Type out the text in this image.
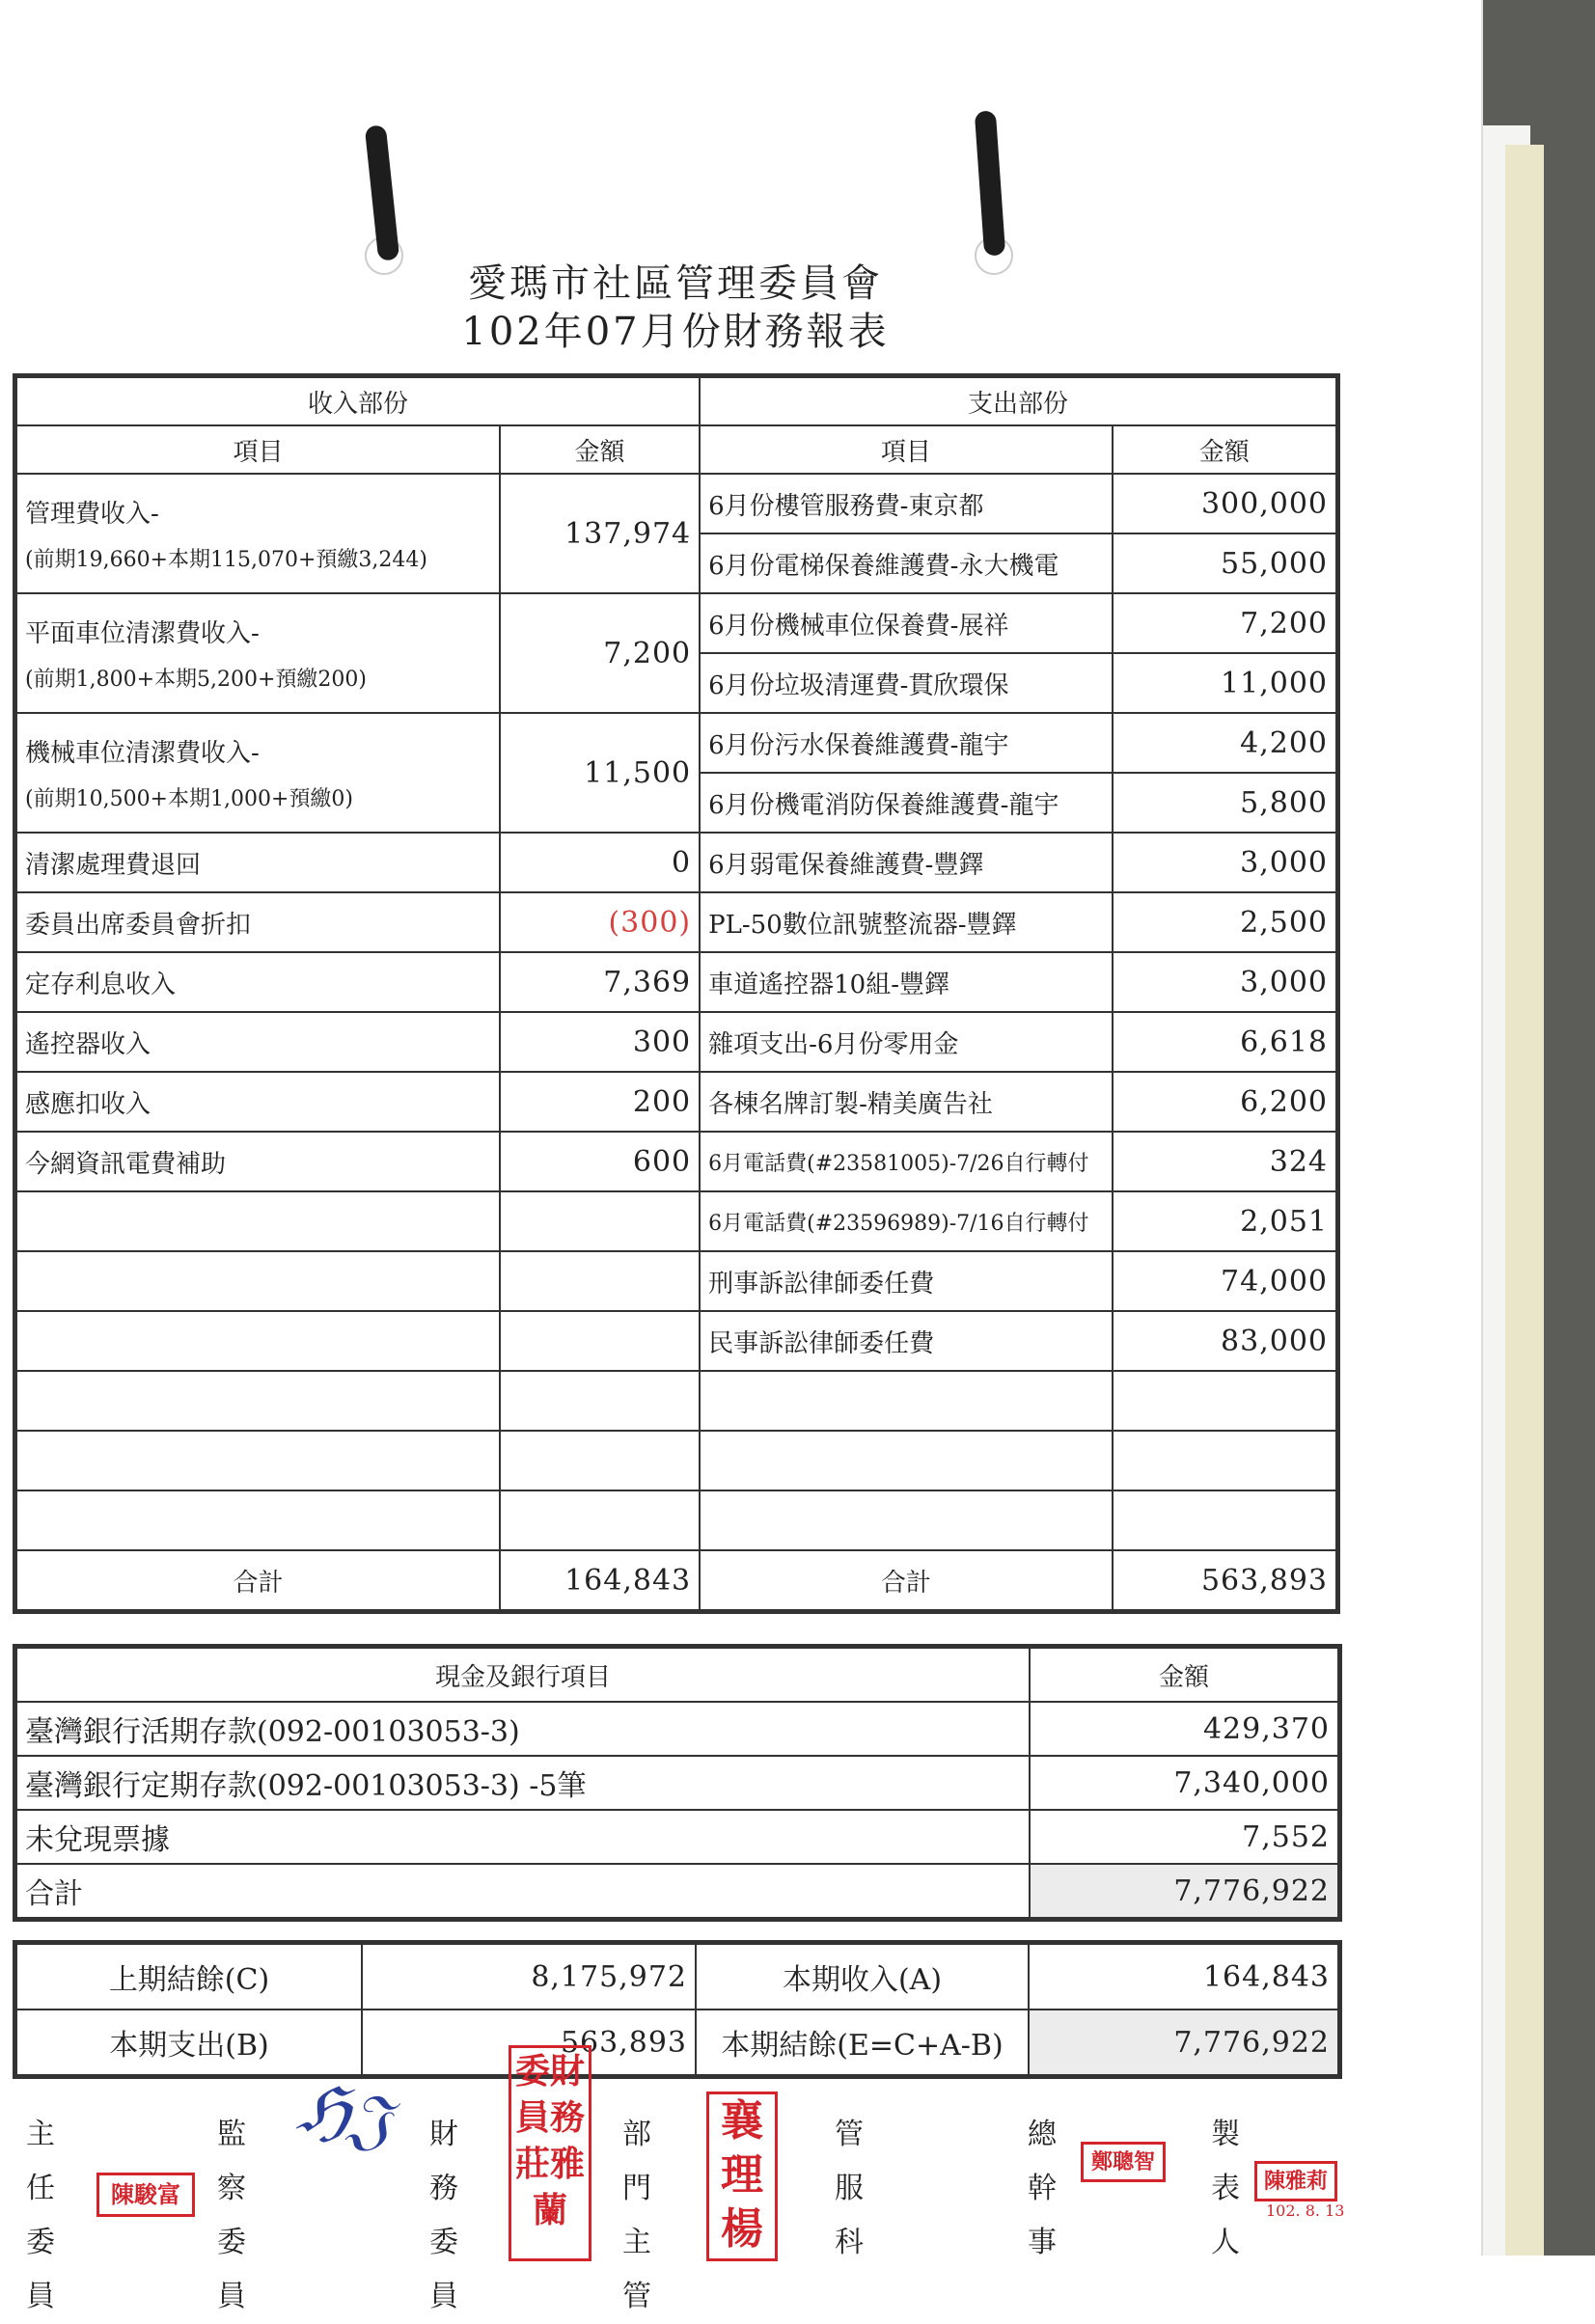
愛瑪市社區管理委員會
102年07月份財務報表
收入部份		支出部份	
項目	金額	項目	金額

管理費收入-
(前期19,660+本期115,070+預繳3,244)	137,974	6月份樓管服務費-東京都	300,000
		6月份電梯保養維護費-永大機電	55,000

平面車位清潔費收入-
(前期1,800+本期5,200+預繳200)	7,200	6月份機械車位保養費-展祥	7,200
		6月份垃圾清運費-貫欣環保	11,000

機械車位清潔費收入-
(前期10,500+本期1,000+預繳0)	11,500	6月份污水保養維護費-龍宇	4,200
		6月份機電消防保養維護費-龍宇	5,800
清潔處理費退回	0	6月弱電保養維護費-豐鐸	3,000
委員出席委員會折扣	(300)	PL-50數位訊號整流器-豐鐸	2,500
定存利息收入	7,369	車道遙控器10組-豐鐸	3,000
遙控器收入	300	雜項支出-6月份零用金	6,618
感應扣收入	200	各棟名牌訂製-精美廣告社	6,200
今網資訊電費補助	600	6月電話費(#23581005)-7/26自行轉付	324
		6月電話費(#23596989)-7/16自行轉付	2,051
		刑事訴訟律師委任費	74,000
		民事訴訟律師委任費	83,000

合計	164,843	合計	563,893
現金及銀行項目	金額
臺灣銀行活期存款(092-00103053-3)	429,370
臺灣銀行定期存款(092-00103053-3) -5筆	7,340,000
未兌現票據	7,552
合計	7,776,922
上期結餘(C)	8,175,972	本期收入(A)	164,843
本期支出(B)	563,893	本期結餘(E=C+A-B)	7,776,922
主任委員
陳駿富
監察委員
ℌ𝔍 財務委員
委財員務莊雅蘭
部門主管
襄理楊
管服科
總幹事
鄭聰智
製表人
陳雅莉
102. 8. 13
